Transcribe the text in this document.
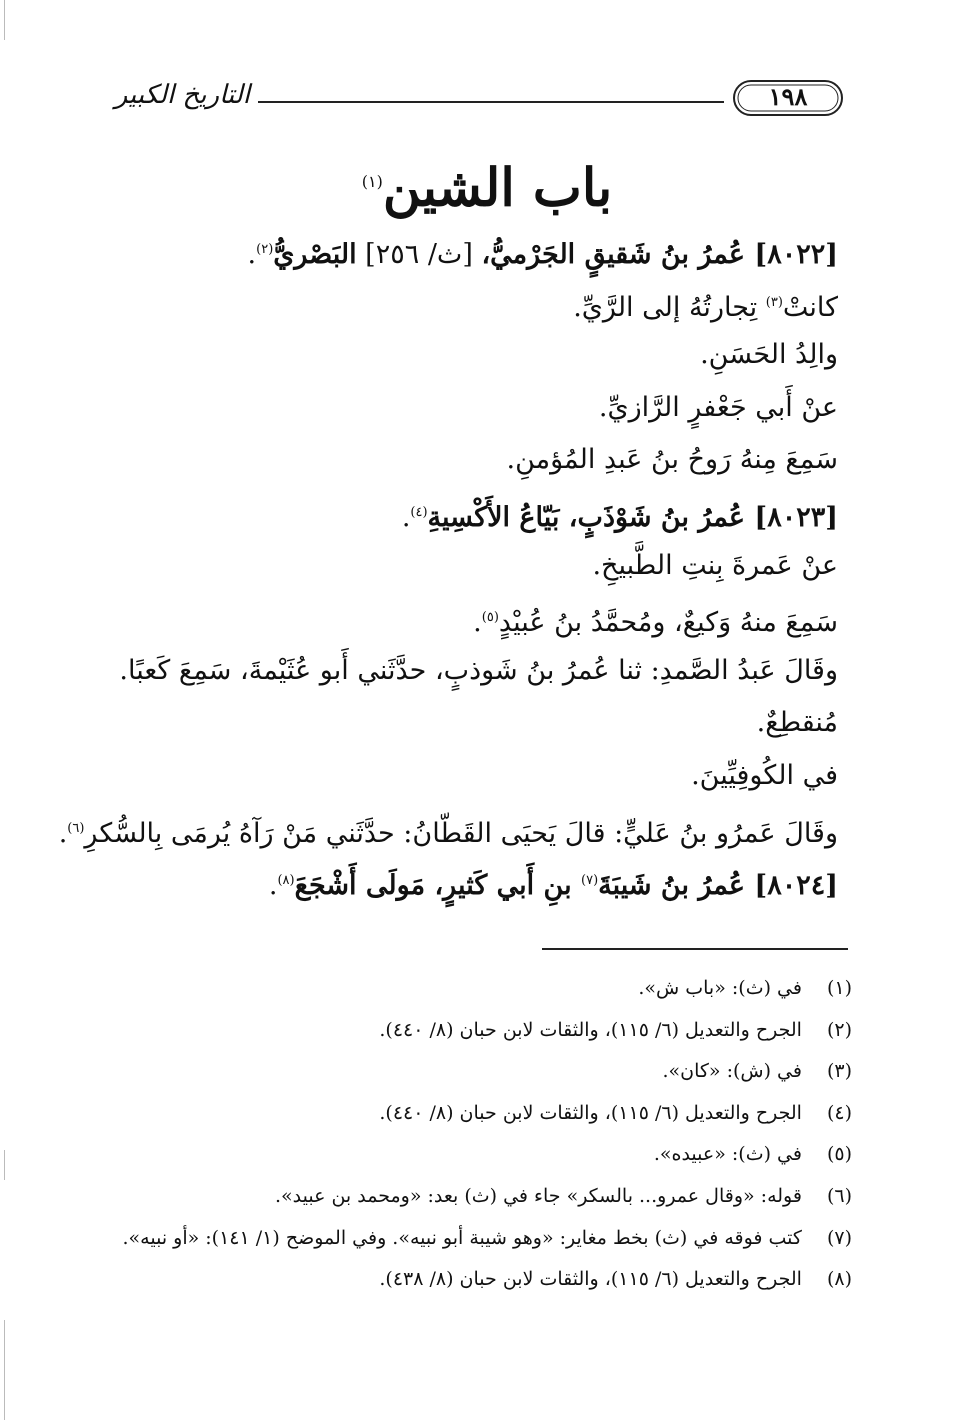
التاريخ الكبير	١٩٨
باب الشين$^{(١)}$
[٨٠٢٢] عُمرُ بنُ شَقيقٍ الجَرْميُّ، [ث/ ٢٥٦] البَصْريُّ$^{(٢)}$.
كانتْ$^{(٣)}$ تِجارتُهُ إلى الرَّيِّ.
والِدُ الحَسَنِ.
عنْ أَبي جَعْفرٍ الرَّازيِّ.
سَمِعَ مِنهُ رَوحُ بنُ عَبدِ المُؤمنِ.
[٨٠٢٣] عُمرُ بنُ شَوْذَبٍ، بَيّاعُ الأَكْسِيةِ$^{(٤)}$.
عنْ عَمرةَ بِنتِ الطَّبيخِ.
سَمِعَ منهُ وَكيعٌ، ومُحمَّدُ بنُ عُبيْدٍ$^{(٥)}$.
وقَالَ عَبدُ الصَّمدِ: ثنا عُمرُ بنُ شَوذبٍ، حدَّثَني أَبو عُثَيْمةَ، سَمِعَ كَعبًا.
مُنقطِعٌ.
في الكُوفِيِّينَ.
وقَالَ عَمرُو بنُ عَليٍّ: قالَ يَحيَى القَطّانُ: حدَّثَني مَنْ رَآهُ يُرمَى بِالسُّكرِ$^{(٦)}$.
[٨٠٢٤] عُمرُ بنُ شَيبَةَ$^{(٧)}$ بنِ أَبي كَثيرٍ، مَولَى أَشْجَعَ$^{(٨)}$.
(١) في (ث): «باب ش».
(٢) الجرح والتعديل (٦/ ١١٥)، والثقات لابن حبان (٨/ ٤٤٠).
(٣) في (ش): «كان».
(٤) الجرح والتعديل (٦/ ١١٥)، والثقات لابن حبان (٨/ ٤٤٠).
(٥) في (ث): «عبيده».
(٦) قوله: «وقال عمرو... بالسكر» جاء في (ث) بعد: «ومحمد بن عبيد».
(٧) كتب فوقه في (ث) بخط مغاير: «وهو شيبة أبو نبيه». وفي الموضح (١/ ١٤١): «أو نبيه».
(٨) الجرح والتعديل (٦/ ١١٥)، والثقات لابن حبان (٨/ ٤٣٨).
